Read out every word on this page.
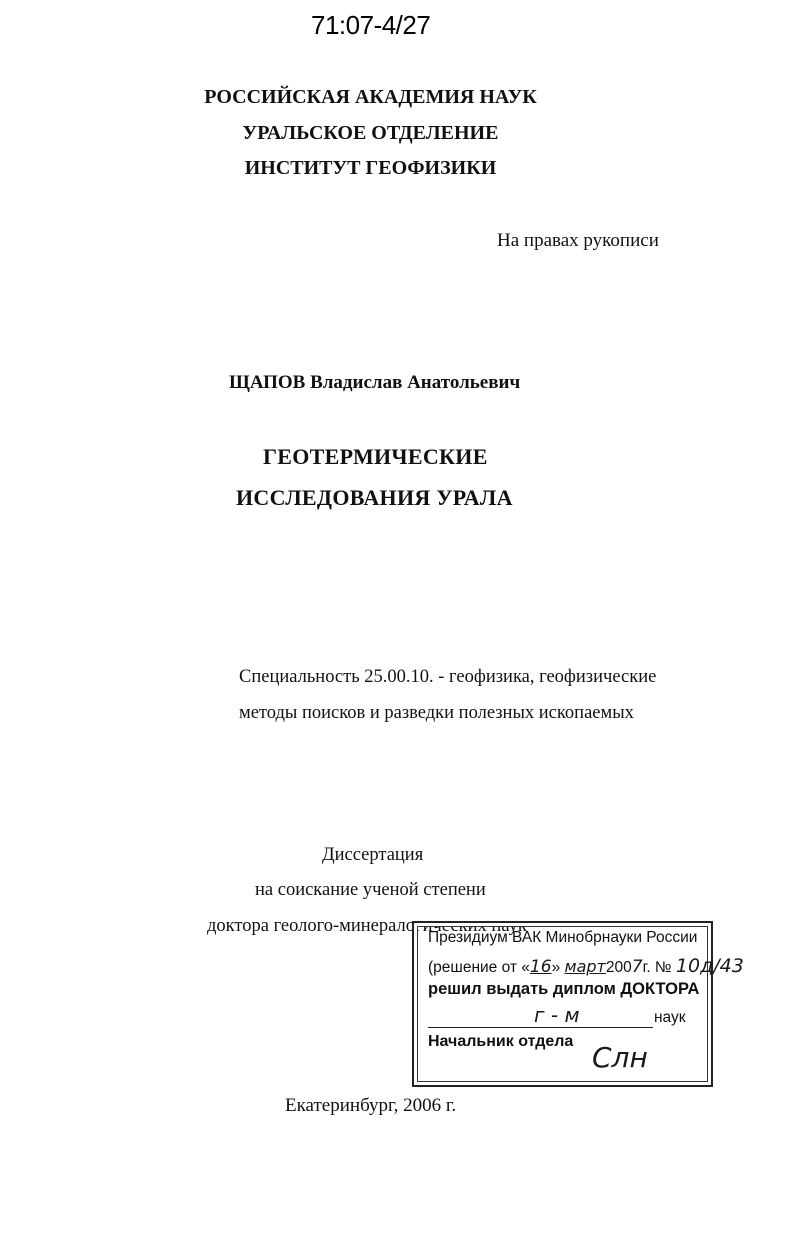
71:07-4/27
РОССИЙСКАЯ АКАДЕМИЯ НАУК
УРАЛЬСКОЕ ОТДЕЛЕНИЕ
ИНСТИТУТ ГЕОФИЗИКИ
На правах рукописи
ЩАПОВ Владислав Анатольевич
ГЕОТЕРМИЧЕСКИЕ
ИССЛЕДОВАНИЯ УРАЛА
Специальность 25.00.10. - геофизика, геофизические
методы поисков и разведки полезных ископаемых
Диссертация
на соискание ученой степени
доктора геолого-минералогических наук
Президиум ВАК Минобрнауки России
(решение от «16» март2007г. № 10д/43
решил выдать диплом ДОКТОРА
г - м	наук
Начальник отдела Слн
Екатеринбург, 2006 г.
